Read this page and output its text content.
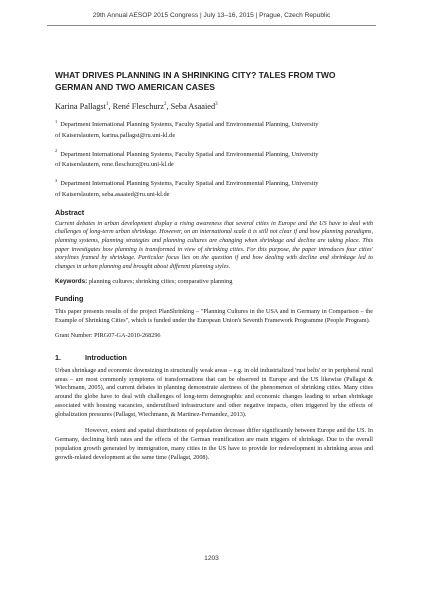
29th Annual AESOP 2015 Congress | July 13–16, 2015 | Prague, Czech Republic
WHAT DRIVES PLANNING IN A SHRINKING CITY? TALES FROM TWO GERMAN AND TWO AMERICAN CASES
Karina Pallagst$^1$, René Fleschurz$^2$, Seba Asaaied$^3$
$^1$ Department International Planning Systems, Faculty Spatial and Environmental Planning, University
of Kaiserslautern, karina.pallagst@ru.uni-kl.de
$^2$ Department International Planning Systems, Faculty Spatial and Environmental Planning, University
of Kaiserslautern, rene.fleschurz@ru.uni-kl.de
$^3$ Department International Planning Systems, Faculty Spatial and Environmental Planning, University
of Kaiserslautern, seba.asaaied@ru.uni-kl.de
Abstract
Current debates in urban development display a rising awareness that several cities in Europe and the US have to deal with challenges of long-term urban shrinkage. However, on an international scale it is still not clear if and how planning paradigms, planning systems, planning strategies and planning cultures are changing when shrinkage and decline are taking place. This paper investigates how planning is transformed in view of shrinking cities. For this purpose, the paper introduces four cities' storylines framed by shrinkage. Particular focus lies on the question if and how dealing with decline and shrinkage led to changes in urban planning and brought about different planning styles.
Keywords: planning cultures; shrinking cities; comparative planning
Funding
This paper presents results of the project PlanShrinking – "Planning Cultures in the USA and in Germany in Comparison – the Example of Shrinking Cities", which is funded under the European Union's Seventh Framework Programme (People Program).
Grant Number: PIRG07-GA-2010-268296
1.	Introduction
Urban shrinkage and economic downsizing in structurally weak areas – e.g. in old industrialized 'rust belts' or in peripheral rural areas – are most commonly symptoms of transformations that can be observed in Europe and the US likewise (Pallagst & Wiechmann, 2005), and current debates in planning demonstrate alertness of the phenomenon of shrinking cities. Many cities around the globe have to deal with challenges of long-term demographic and economic changes leading to urban shrinkage associated with housing vacancies, underutilised infrastructure and other negative impacts, often triggered by the effects of globalization pressures (Pallagst, Wiechmann, & Martinez-Fernandez, 2013).
However, extent and spatial distributions of population decrease differ significantly between Europe and the US. In Germany, declining birth rates and the effects of the German reunification are main triggers of shrinkage. Due to the overall population growth generated by immigration, many cities in the US have to provide for redevelopment in shrinking areas and growth-related development at the same time (Pallagst, 2008).
1203
